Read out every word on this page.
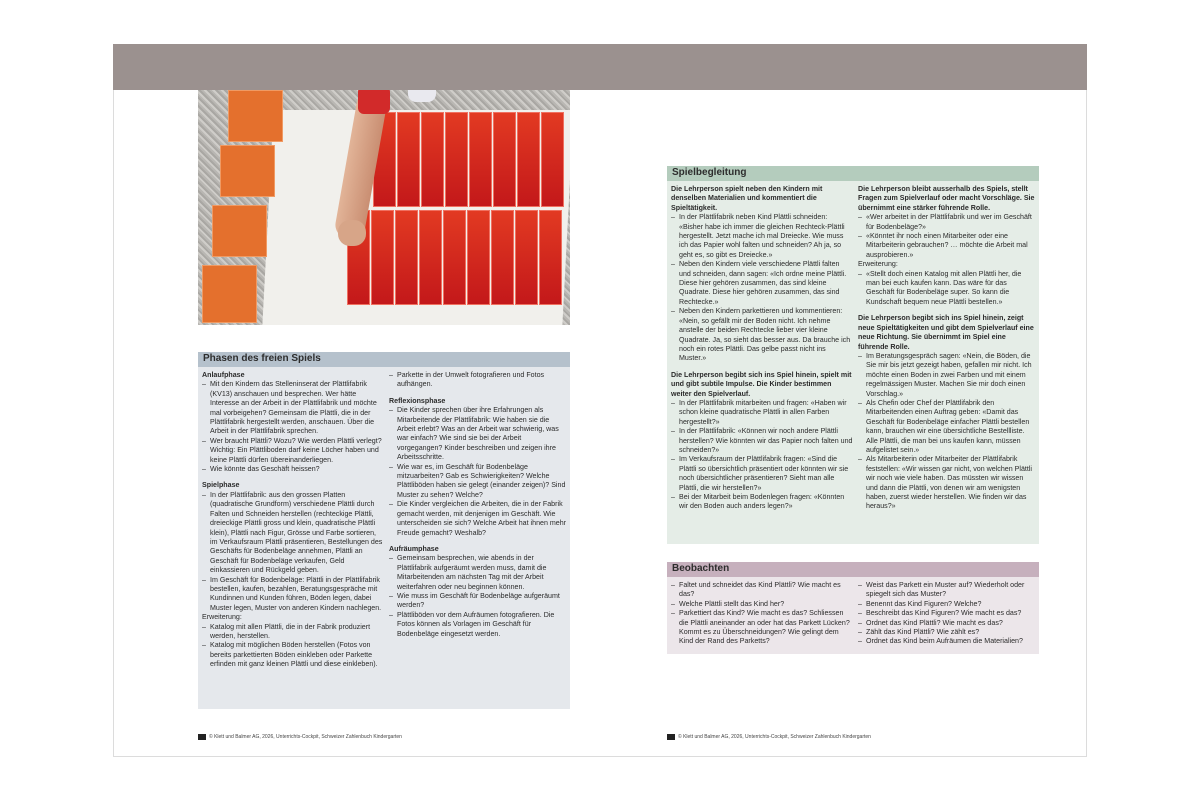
Phasen des freien Spiels
Anlaufphase
– Mit den Kindern das Stelleninserat der Plättlifabrik (KV13) anschauen und besprechen. Wer hätte Interesse an der Arbeit in der Plättlifabrik und möchte mal vorbeigehen? Gemeinsam die Plättli, die in der Plättlifabrik hergestellt werden, anschauen. Über die Arbeit in der Plättlifabrik sprechen.
– Wer braucht Plättli? Wozu? Wie werden Plättli verlegt? Wichtig: Ein Plättliboden darf keine Löcher haben und keine Plättli dürfen übereinanderliegen.
– Wie könnte das Geschäft heissen?
Spielphase
– In der Plättlifabrik: aus den grossen Platten (quadratische Grundform) verschiedene Plättli durch Falten und Schneiden herstellen (rechteckige Plättli, dreieckige Plättli gross und klein, quadratische Plättli klein), Plättli nach Figur, Grösse und Farbe sortieren, im Verkaufsraum Plättli präsentieren, Bestellungen des Geschäfts für Bodenbeläge annehmen, Plättli an Geschäft für Bodenbeläge verkaufen, Geld einkassieren und Rückgeld geben.
– Im Geschäft für Bodenbeläge: Plättli in der Plättlifabrik bestellen, kaufen, bezahlen, Beratungsgespräche mit Kundinnen und Kunden führen, Böden legen, dabei Muster legen, Muster von anderen Kindern nachlegen.
Erweiterung:
– Katalog mit allen Plättli, die in der Fabrik produziert werden, herstellen.
– Katalog mit möglichen Böden herstellen (Fotos von bereits parkettierten Böden einkleben oder Parkette erfinden mit ganz kleinen Plättli und diese einkleben).
– Parkette in der Umwelt fotografieren und Fotos aufhängen.
Reflexionsphase
– Die Kinder sprechen über ihre Erfahrungen als Mitarbeitende der Plättlifabrik: Wie haben sie die Arbeit erlebt? Was an der Arbeit war schwierig, was war einfach? Wie sind sie bei der Arbeit vorgegangen? Kinder beschreiben und zeigen ihre Arbeitsschritte.
– Wie war es, im Geschäft für Bodenbeläge mitzuarbeiten? Gab es Schwierigkeiten? Welche Plättliböden haben sie gelegt (einander zeigen)? Sind Muster zu sehen? Welche?
– Die Kinder vergleichen die Arbeiten, die in der Fabrik gemacht werden, mit denjenigen im Geschäft. Wie unterscheiden sie sich? Welche Arbeit hat ihnen mehr Freude gemacht? Weshalb?
Aufräumphase
– Gemeinsam besprechen, wie abends in der Plättlifabrik aufgeräumt werden muss, damit die Mitarbeitenden am nächsten Tag mit der Arbeit weiterfahren oder neu beginnen können.
– Wie muss im Geschäft für Bodenbeläge aufgeräumt werden?
– Plättliböden vor dem Aufräumen fotografieren. Die Fotos können als Vorlagen im Geschäft für Bodenbeläge eingesetzt werden.
Spielbegleitung
Die Lehrperson spielt neben den Kindern mit denselben Materialien und kommentiert die Spieltätigkeit.
– In der Plättlifabrik neben Kind Plättli schneiden: «Bisher habe ich immer die gleichen Rechteck-Plättli hergestellt. Jetzt mache ich mal Dreiecke. Wie muss ich das Papier wohl falten und schneiden? Ah ja, so geht es, so gibt es Dreiecke.»
– Neben den Kindern viele verschiedene Plättli falten und schneiden, dann sagen: «Ich ordne meine Plättli. Diese hier gehören zusammen, das sind kleine Quadrate. Diese hier gehören zusammen, das sind Rechtecke.»
– Neben den Kindern parkettieren und kommentieren: «Nein, so gefällt mir der Boden nicht. Ich nehme anstelle der beiden Rechtecke lieber vier kleine Quadrate. Ja, so sieht das besser aus. Da brauche ich noch ein rotes Plättli. Das gelbe passt nicht ins Muster.»
Die Lehrperson begibt sich ins Spiel hinein, spielt mit und gibt subtile Impulse. Die Kinder bestimmen weiter den Spielverlauf.
– In der Plättlifabrik mitarbeiten und fragen: «Haben wir schon kleine quadratische Plättli in allen Farben hergestellt?»
– In der Plättlifabrik: «Können wir noch andere Plättli herstellen? Wie könnten wir das Papier noch falten und schneiden?»
– Im Verkaufsraum der Plättlifabrik fragen: «Sind die Plättli so übersichtlich präsentiert oder könnten wir sie noch übersichtlicher präsentieren? Sieht man alle Plättli, die wir herstellen?»
– Bei der Mitarbeit beim Bodenlegen fragen: «Könnten wir den Boden auch anders legen?»
Die Lehrperson bleibt ausserhalb des Spiels, stellt Fragen zum Spielverlauf oder macht Vorschläge. Sie übernimmt eine stärker führende Rolle.
– «Wer arbeitet in der Plättlifabrik und wer im Geschäft für Bodenbeläge?»
– «Könntet ihr noch einen Mitarbeiter oder eine Mitarbeiterin gebrauchen? … möchte die Arbeit mal ausprobieren.»
Erweiterung:
– «Stellt doch einen Katalog mit allen Plättli her, die man bei euch kaufen kann. Das wäre für das Geschäft für Bodenbeläge super. So kann die Kundschaft bequem neue Plättli bestellen.»
Die Lehrperson begibt sich ins Spiel hinein, zeigt neue Spieltätigkeiten und gibt dem Spielverlauf eine neue Richtung. Sie übernimmt im Spiel eine führende Rolle.
– Im Beratungsgespräch sagen: «Nein, die Böden, die Sie mir bis jetzt gezeigt haben, gefallen mir nicht. Ich möchte einen Boden in zwei Farben und mit einem regelmässigen Muster. Machen Sie mir doch einen Vorschlag.»
– Als Chefin oder Chef der Plättlifabrik den Mitarbeitenden einen Auftrag geben: «Damit das Geschäft für Bodenbeläge einfacher Plättli bestellen kann, brauchen wir eine übersichtliche Bestellliste. Alle Plättli, die man bei uns kaufen kann, müssen aufgelistet sein.»
– Als Mitarbeiterin oder Mitarbeiter der Plättlifabrik feststellen: «Wir wissen gar nicht, von welchen Plättli wir noch wie viele haben. Das müssten wir wissen und dann die Plättli, von denen wir am wenigsten haben, zuerst wieder herstellen. Wie finden wir das heraus?»
Beobachten
– Faltet und schneidet das Kind Plättli? Wie macht es das?
– Welche Plättli stellt das Kind her?
– Parkettiert das Kind? Wie macht es das? Schliessen die Plättli aneinander an oder hat das Parkett Lücken? Kommt es zu Überschneidungen? Wie gelingt dem Kind der Rand des Parketts?
– Weist das Parkett ein Muster auf? Wiederholt oder spiegelt sich das Muster?
– Benennt das Kind Figuren? Welche?
– Beschreibt das Kind Figuren? Wie macht es das?
– Ordnet das Kind Plättli? Wie macht es das?
– Zählt das Kind Plättli? Wie zählt es?
– Ordnet das Kind beim Aufräumen die Materialien?
© Klett und Balmer AG, 2026, Unterrichts-Cockpit, Schweizer Zahlenbuch Kindergarten	© Klett und Balmer AG, 2026, Unterrichts-Cockpit, Schweizer Zahlenbuch Kindergarten
